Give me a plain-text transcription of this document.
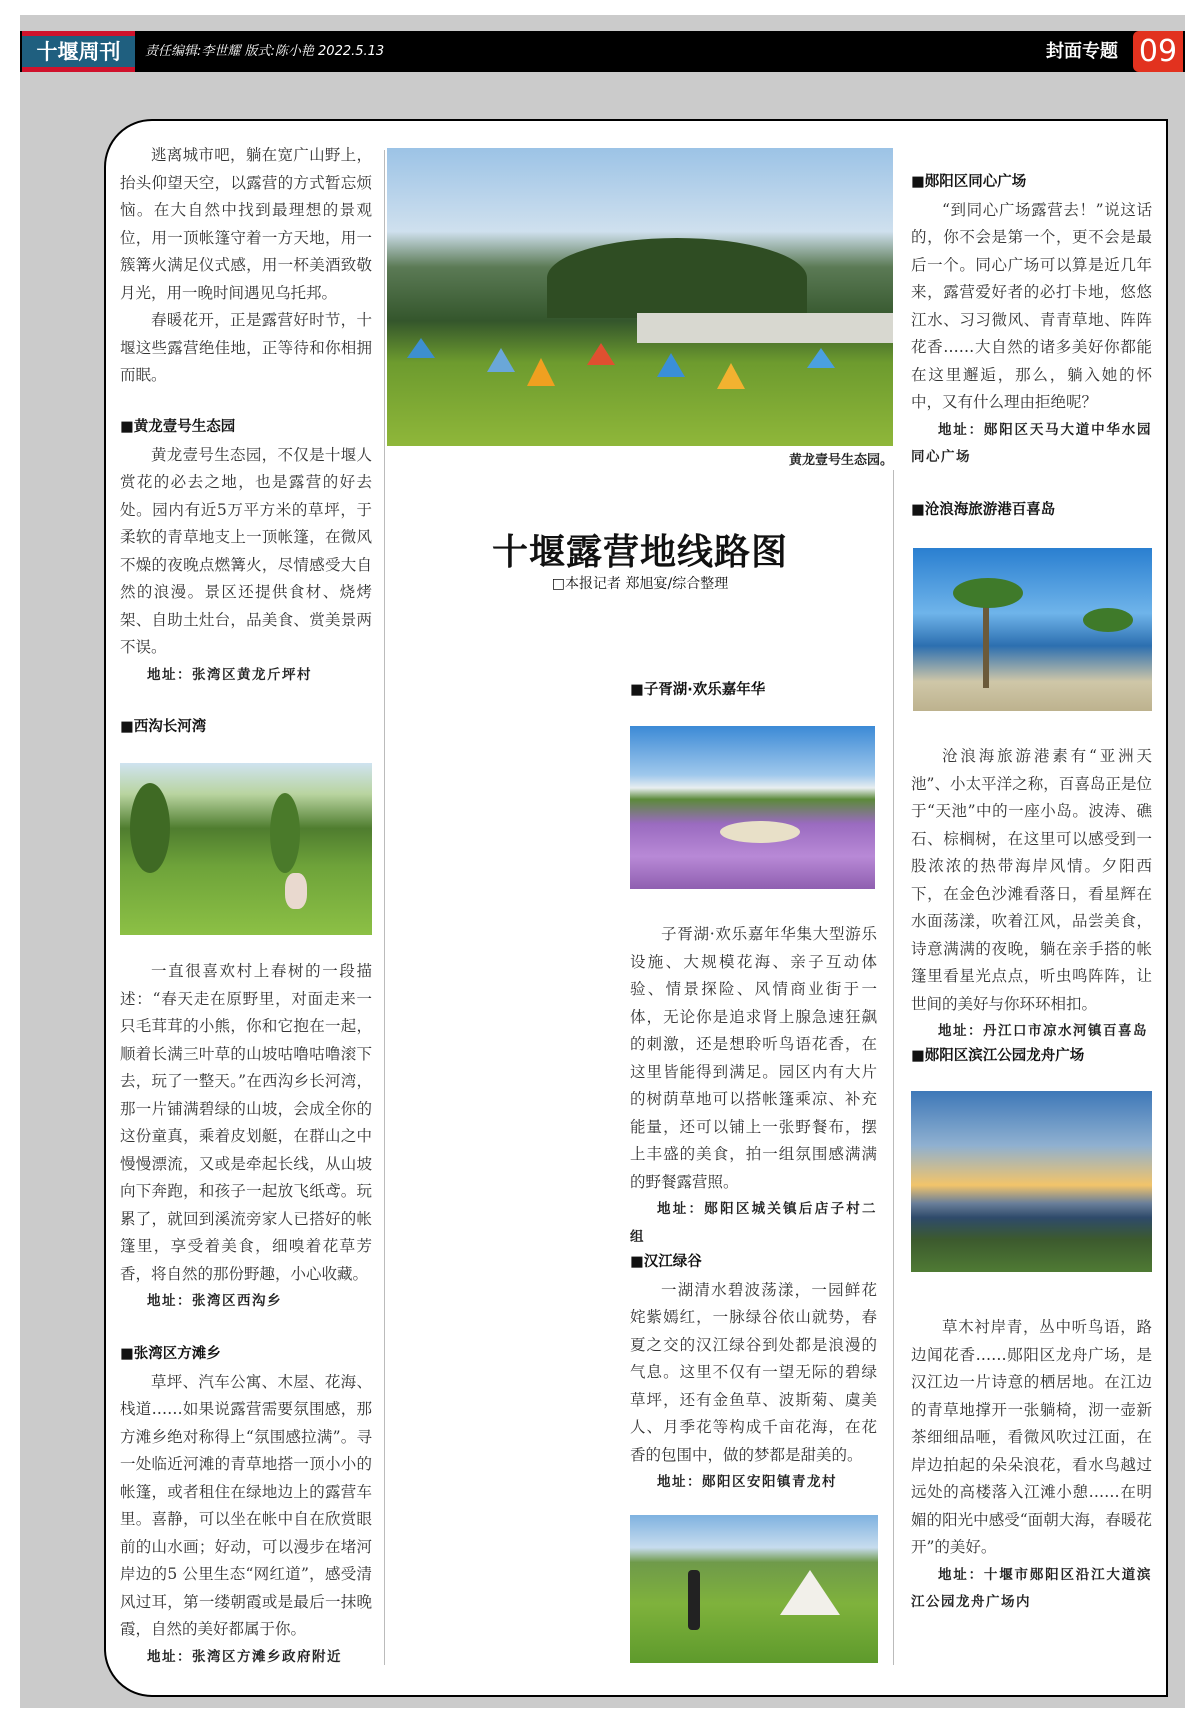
十堰周刊	责任编辑:李世耀 版式:陈小艳 2022.5.13	封面专题 09

逃离城市吧，躺在宽广山野上，抬头仰望天空，以露营的方式暂忘烦恼。在大自然中找到最理想的景观位，用一顶帐篷守着一方天地，用一簇篝火满足仪式感，用一杯美酒致敬月光，用一晚时间遇见乌托邦。

春暖花开，正是露营好时节，十堰这些露营绝佳地，正等待和你相拥而眠。

■黄龙壹号生态园

黄龙壹号生态园，不仅是十堰人赏花的必去之地，也是露营的好去处。园内有近5万平方米的草坪，于柔软的青草地支上一顶帐篷，在微风不燥的夜晚点燃篝火，尽情感受大自然的浪漫。景区还提供食材、烧烤架、自助土灶台，品美食、赏美景两不误。

地址：张湾区黄龙斤坪村
■西沟长河湾

一直很喜欢村上春树的一段描述：“春天走在原野里，对面走来一只毛茸茸的小熊，你和它抱在一起，顺着长满三叶草的山坡咕噜咕噜滚下去，玩了一整天。”在西沟乡长河湾，那一片铺满碧绿的山坡，会成全你的这份童真，乘着皮划艇，在群山之中慢慢漂流，又或是牵起长线，从山坡向下奔跑，和孩子一起放飞纸鸢。玩累了，就回到溪流旁家人已搭好的帐篷里，享受着美食，细嗅着花草芳香，将自然的那份野趣，小心收藏。

地址：张湾区西沟乡
■张湾区方滩乡

草坪、汽车公寓、木屋、花海、栈道……如果说露营需要氛围感，那方滩乡绝对称得上“氛围感拉满”。寻一处临近河滩的青草地搭一顶小小的帐篷，或者租住在绿地边上的露营车里。喜静，可以坐在帐中自在欣赏眼前的山水画；好动，可以漫步在堵河岸边的5 公里生态“网红道”，感受清风过耳，第一缕朝霞或是最后一抹晚霞，自然的美好都属于你。

地址：张湾区方滩乡政府附近
黄龙壹号生态园。
十堰露营地线路图
□本报记者 郑旭宴/综合整理
■子胥湖·欢乐嘉年华

子胥湖·欢乐嘉年华集大型游乐设施、大规模花海、亲子互动体验、情景探险、风情商业街于一体，无论你是追求肾上腺急速狂飙的刺激，还是想聆听鸟语花香，在这里皆能得到满足。园区内有大片的树荫草地可以搭帐篷乘凉、补充能量，还可以铺上一张野餐布，摆上丰盛的美食，拍一组氛围感满满的野餐露营照。

地址：郧阳区城关镇后店子村二组
■汉江绿谷

一湖清水碧波荡漾，一园鲜花姹紫嫣红，一脉绿谷依山就势，春夏之交的汉江绿谷到处都是浪漫的气息。这里不仅有一望无际的碧绿草坪，还有金鱼草、波斯菊、虞美人、月季花等构成千亩花海，在花香的包围中，做的梦都是甜美的。

地址：郧阳区安阳镇青龙村
■郧阳区同心广场

“到同心广场露营去！”说这话的，你不会是第一个，更不会是最后一个。同心广场可以算是近几年来，露营爱好者的必打卡地，悠悠江水、习习微风、青青草地、阵阵花香……大自然的诸多美好你都能在这里邂逅，那么，躺入她的怀中，又有什么理由拒绝呢？

地址：郧阳区天马大道中华水园同心广场
■沧浪海旅游港百喜岛

沧浪海旅游港素有“亚洲天池”、小太平洋之称，百喜岛正是位于“天池”中的一座小岛。波涛、礁石、棕榈树，在这里可以感受到一股浓浓的热带海岸风情。夕阳西下，在金色沙滩看落日，看星辉在水面荡漾，吹着江风，品尝美食，诗意满满的夜晚，躺在亲手搭的帐篷里看星光点点，听虫鸣阵阵，让世间的美好与你环环相扣。

地址：丹江口市凉水河镇百喜岛
■郧阳区滨江公园龙舟广场

草木衬岸青，丛中听鸟语，路边闻花香……郧阳区龙舟广场，是汉江边一片诗意的栖居地。在江边的青草地撑开一张躺椅，沏一壶新茶细细品咂，看微风吹过江面，在岸边拍起的朵朵浪花，看水鸟越过远处的高楼落入江滩小憩……在明媚的阳光中感受“面朝大海，春暖花开”的美好。

地址：十堰市郧阳区沿江大道滨江公园龙舟广场内
